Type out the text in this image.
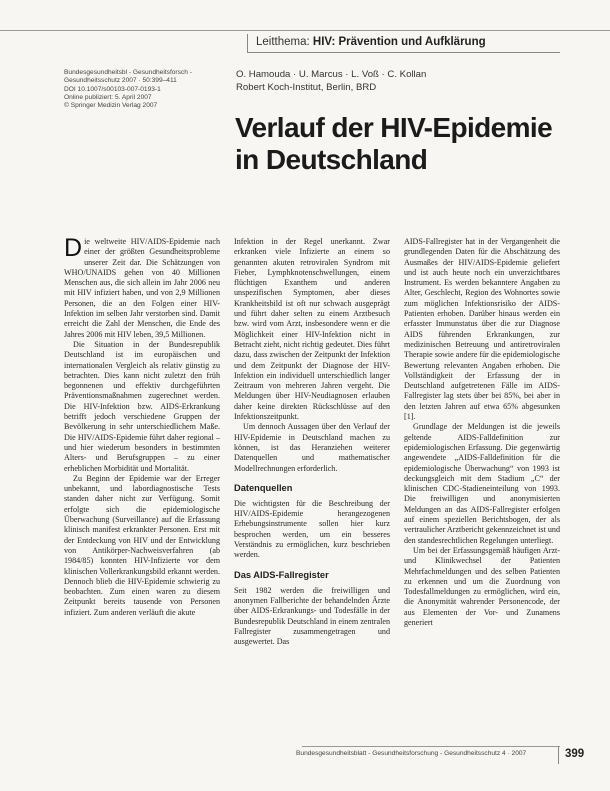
Leitthema: HIV: Prävention und Aufklärung
Bundesgesundheitsbl - Gesundheitsforsch -
Gesundheitsschutz 2007 · 50:399–411
DOI 10.1007/s00103-007-0193-1
Online publiziert: 5. April 2007
© Springer Medizin Verlag 2007
O. Hamouda · U. Marcus · L. Voß · C. Kollan
Robert Koch-Institut, Berlin, BRD
Verlauf der HIV-Epidemie
in Deutschland

Die weltweite HIV/AIDS-Epidemie nach einer der größten Gesundheitsprobleme unserer Zeit dar. Die Schätzungen von WHO/UNAIDS gehen von 40 Millionen Menschen aus, die sich allein im Jahr 2006 neu mit HIV infiziert haben, und von 2,9 Millionen Personen, die an den Folgen einer HIV-Infektion im selben Jahr verstorben sind. Damit erreicht die Zahl der Menschen, die Ende des Jahres 2006 mit HIV leben, 39,5 Millionen.

Die Situation in der Bundesrepublik Deutschland ist im europäischen und internationalen Vergleich als relativ günstig zu betrachten. Dies kann nicht zuletzt den früh begonnenen und effektiv durchgeführten Präventionsmaßnahmen zugerechnet werden. Die HIV-Infektion bzw. AIDS-Erkrankung betrifft jedoch verschiedene Gruppen der Bevölkerung in sehr unterschiedlichem Maße. Die HIV/AIDS-Epidemie führt daher regional – und hier wiederum besonders in bestimmten Alters- und Berufsgruppen – zu einer erheblichen Morbidität und Mortalität.

Zu Beginn der Epidemie war der Erreger unbekannt, und labordiagnostische Tests standen daher nicht zur Verfügung. Somit erfolgte sich die epidemiologische Überwachung (Surveillance) auf die Erfassung klinisch manifest erkrankter Personen. Erst mit der Entdeckung von HIV und der Entwicklung von Antikörper-Nachweisverfahren (ab 1984/85) konnten HIV-Infizierte vor dem klinischen Vollerkrankungsbild erkannt werden. Dennoch blieb die HIV-Epidemie schwierig zu beobachten. Zum einen waren zu diesem Zeitpunkt bereits tausende von Personen infiziert. Zum anderen verläuft die akute

Infektion in der Regel unerkannt. Zwar erkranken viele Infizierte an einem so genannten akuten retroviralen Syndrom mit Fieber, Lymphknotenschwellungen, einem flüchtigen Exanthem und anderen unspezifischen Symptomen, aber dieses Krankheitsbild ist oft nur schwach ausgeprägt und führt daher selten zu einem Arztbesuch bzw. wird vom Arzt, insbesondere wenn er die Möglichkeit einer HIV-Infektion nicht in Betracht zieht, nicht richtig gedeutet. Dies führt dazu, dass zwischen der Zeitpunkt der Infektion und dem Zeitpunkt der Diagnose der HIV-Infektion ein individuell unterschiedlich langer Zeitraum von mehreren Jahren vergeht. Die Meldungen über HIV-Neudiagnosen erlauben daher keine direkten Rückschlüsse auf den Infektionszeitpunkt.

Um dennoch Aussagen über den Verlauf der HIV-Epidemie in Deutschland machen zu können, ist das Heranziehen weiterer Datenquellen und mathematischer Modellrechnungen erforderlich.

Datenquellen

Die wichtigsten für die Beschreibung der HIV/AIDS-Epidemie herangezogenen Erhebungsinstrumente sollen hier kurz besprochen werden, um ein besseres Verständnis zu ermöglichen, kurz beschrieben werden.

Das AIDS-Fallregister

Seit 1982 werden die freiwilligen und anonymen Fallberichte der behandelnden Ärzte über AIDS-Erkrankungs- und Todesfälle in der Bundesrepublik Deutschland in einem zentralen Fallregister zusammengetragen und ausgewertet. Das

AIDS-Fallregister hat in der Vergangenheit die grundlegenden Daten für die Abschätzung des Ausmaßes der HIV/AIDS-Epidemie geliefert und ist auch heute noch ein unverzichtbares Instrument. Es werden bekanntere Angaben zu Alter, Geschlecht, Region des Wohnortes sowie zum möglichen Infektionsrisiko der AIDS-Patienten erhoben. Darüber hinaus werden ein erfasster Immunstatus über die zur Diagnose AIDS führenden Erkrankungen, zur medizinischen Betreuung und antiretroviralen Therapie sowie andere für die epidemiologische Bewertung relevanten Angaben erhoben. Die Vollständigkeit der Erfassung der in Deutschland aufgetretenen Fälle im AIDS-Fallregister lag stets über bei 85%, bei aber in den letzten Jahren auf etwa 65% abgesunken [1].

Grundlage der Meldungen ist die jeweils geltende AIDS-Falldefinition zur epidemiologischen Erfassung. Die gegenwärtig angewendete „AIDS-Falldefinition für die epidemiologische Überwachung“ von 1993 ist deckungsgleich mit dem Stadium „C“ der klinischen CDC-Stadieneinteilung von 1993. Die freiwilligen und anonymisierten Meldungen an das AIDS-Fallregister erfolgen auf einem speziellen Berichtsbogen, der als vertraulicher Arztbericht gekennzeichnet ist und den standesrechtlichen Regelungen unterliegt.

Um bei der Erfassungsgemäß häufigen Arzt- und Klinikwechsel der Patienten Mehrfachmeldungen und des selben Patienten zu erkennen und um die Zuordnung von Todesfallmeldungen zu ermöglichen, wird ein, die Anonymität wahrender Personencode, der aus Elementen der Vor- und Zunamens generiert

Bundesgesundheitsblatt - Gesundheitsforschung - Gesundheitsschutz 4 · 2007	399
